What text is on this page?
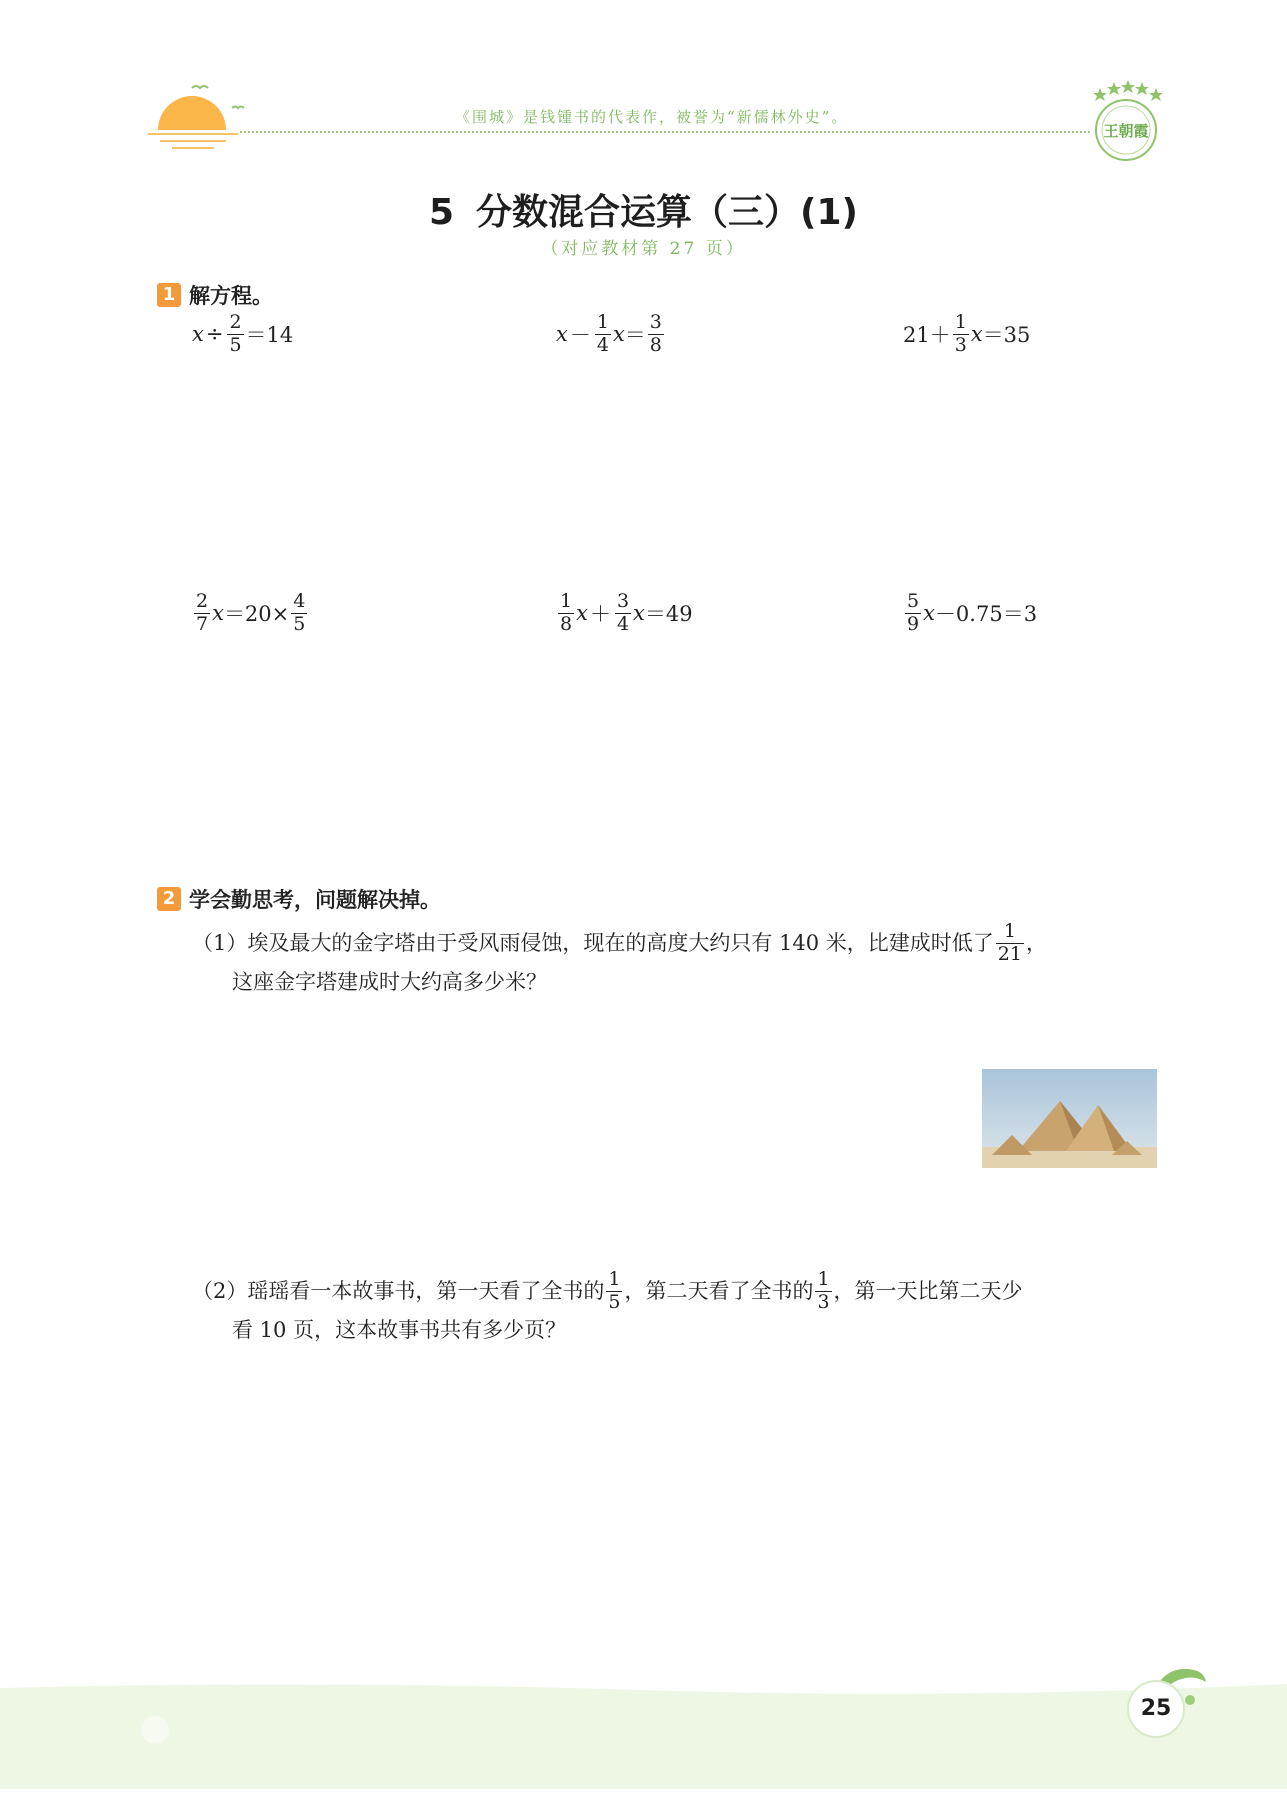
《围城》是钱锺书的代表作，被誉为“新儒林外史”。
王朝霞
5 分数混合运算（三）(1)
（对应教材第 27 页）
1 解方程。
$x \div \frac{2}{5} =14$	$x - \frac{1}{4}$ $x = \frac{3}{8}$	$21+ \frac{1}{3}$ x ＝35
$\frac{2}{7}$ $x =20\times \frac{4}{5}$	$\frac{1}{8}$ $x + \frac{3}{4}$ x ＝49	$\frac{5}{9}$ x －0.75＝3
2 学会勤思考，问题解决掉。
（1）埃及最大的金字塔由于受风雨侵蚀，现在的高度大约只有 140 米，比建成时低了 $\frac{1}{21}$ ，
这座金字塔建成时大约高多少米？
（2）瑶瑶看一本故事书，第一天看了全书的 $\frac{1}{5}$ ，第二天看了全书的 $\frac{1}{3}$ ，第一天比第二天少
看 10 页，这本故事书共有多少页？
25
